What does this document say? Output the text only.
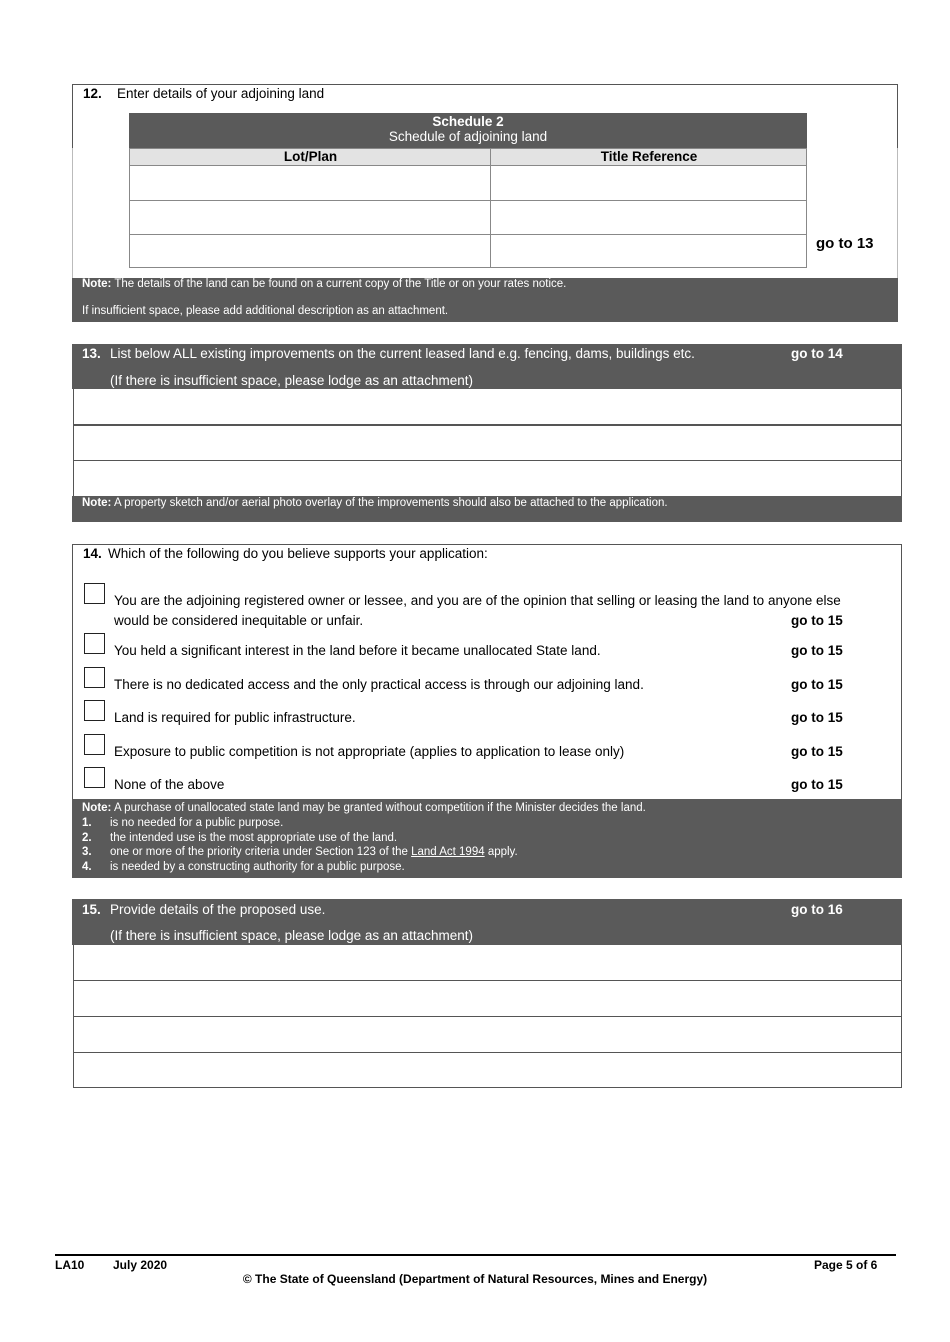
12. Enter details of your adjoining land
Schedule 2
Schedule of adjoining land
Lot/Plan	Title Reference
go to 13
Note: The details of the land can be found on a current copy of the Title or on your rates notice.
If insufficient space, please add additional description as an attachment.
13. List below ALL existing improvements on the current leased land e.g. fencing, dams, buildings etc.	go to 14
(If there is insufficient space, please lodge as an attachment)
Note: A property sketch and/or aerial photo overlay of the improvements should also be attached to the application.
14. Which of the following do you believe supports your application:
You are the adjoining registered owner or lessee, and you are of the opinion that selling or leasing the land to anyone else
would be considered inequitable or unfair.	go to 15
You held a significant interest in the land before it became unallocated State land.	go to 15
There is no dedicated access and the only practical access is through our adjoining land.	go to 15
Land is required for public infrastructure.	go to 15
Exposure to public competition is not appropriate (applies to application to lease only)	go to 15
None of the above	go to 15
Note: A purchase of unallocated state land may be granted without competition if the Minister decides the land.
1. is no needed for a public purpose.
2. the intended use is the most appropriate use of the land.
3. one or more of the priority criteria under Section 123 of the Land Act 1994 apply.
4. is needed by a constructing authority for a public purpose.
15. Provide details of the proposed use.	go to 16
(If there is insufficient space, please lodge as an attachment)
LA10 July 2020	Page 5 of 6
© The State of Queensland (Department of Natural Resources, Mines and Energy)
